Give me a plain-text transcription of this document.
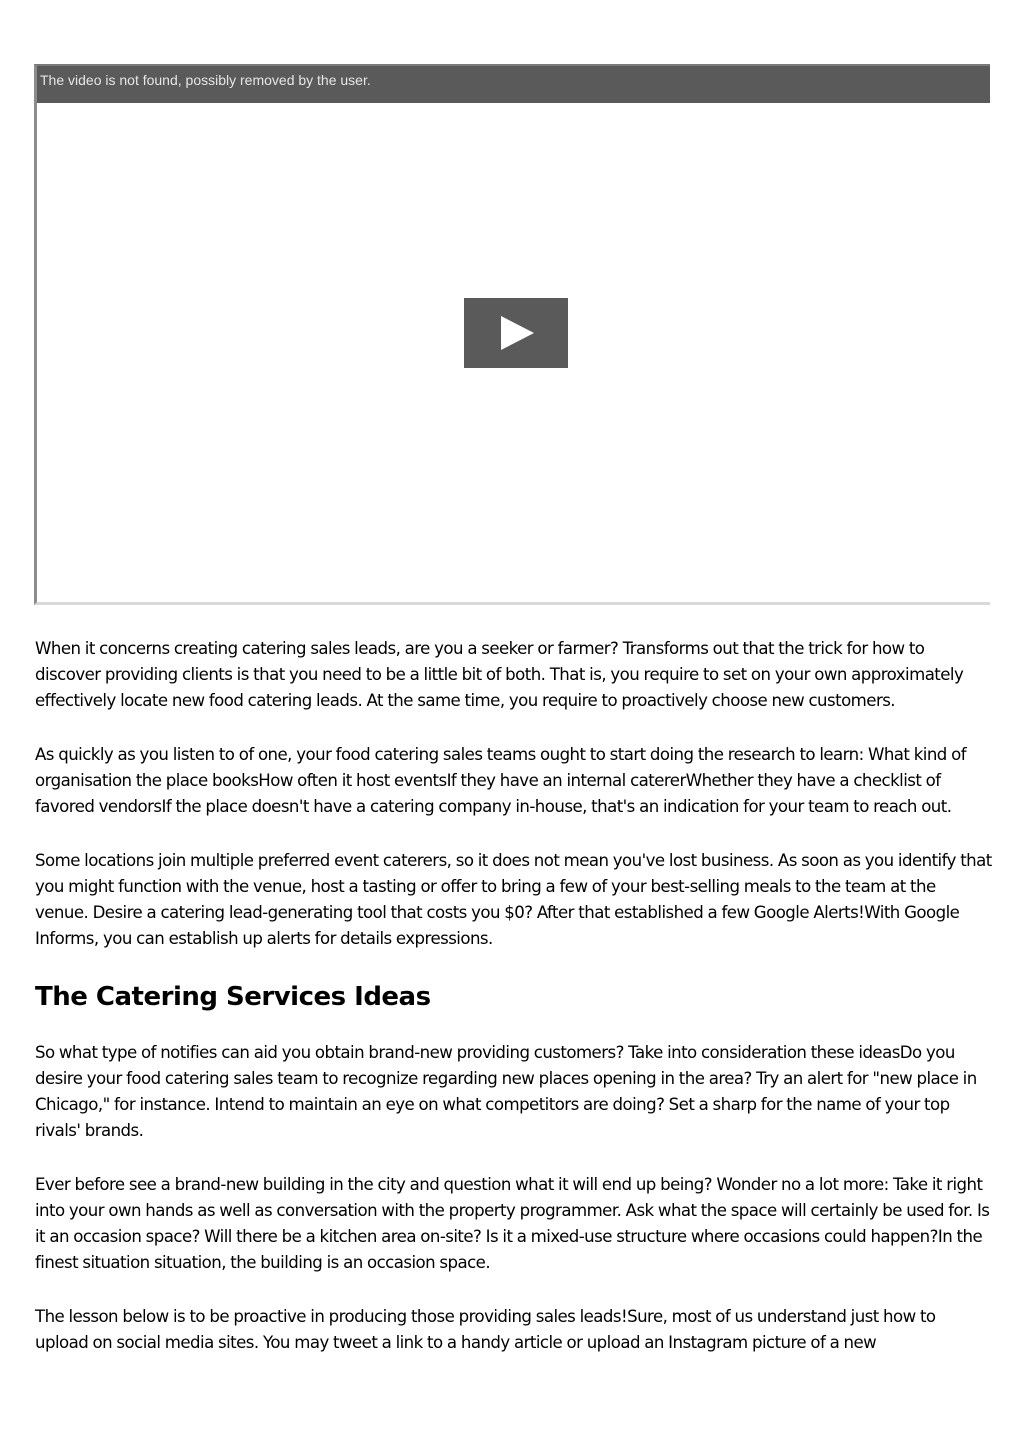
The video is not found, possibly removed by the user.

When it concerns creating catering sales leads, are you a seeker or farmer? Transforms out that the trick for how to discover providing clients is that you need to be a little bit of both. That is, you require to set on your own approximately effectively locate new food catering leads. At the same time, you require to proactively choose new customers.

As quickly as you listen to of one, your food catering sales teams ought to start doing the research to learn: What kind of organisation the place booksHow often it host eventsIf they have an internal catererWhether they have a checklist of favored vendorsIf the place doesn't have a catering company in-house, that's an indication for your team to reach out.

Some locations join multiple preferred event caterers, so it does not mean you've lost business. As soon as you identify that you might function with the venue, host a tasting or offer to bring a few of your best-selling meals to the team at the venue. Desire a catering lead-generating tool that costs you $0? After that established a few Google Alerts!With Google Informs, you can establish up alerts for details expressions.

The Catering Services Ideas

So what type of notifies can aid you obtain brand-new providing customers? Take into consideration these ideasDo you desire your food catering sales team to recognize regarding new places opening in the area? Try an alert for "new place in Chicago," for instance. Intend to maintain an eye on what competitors are doing? Set a sharp for the name of your top rivals' brands.

Ever before see a brand-new building in the city and question what it will end up being? Wonder no a lot more: Take it right into your own hands as well as conversation with the property programmer. Ask what the space will certainly be used for. Is it an occasion space? Will there be a kitchen area on-site? Is it a mixed-use structure where occasions could happen?In the finest situation situation, the building is an occasion space.

The lesson below is to be proactive in producing those providing sales leads!Sure, most of us understand just how to upload on social media sites. You may tweet a link to a handy article or upload an Instagram picture of a new
